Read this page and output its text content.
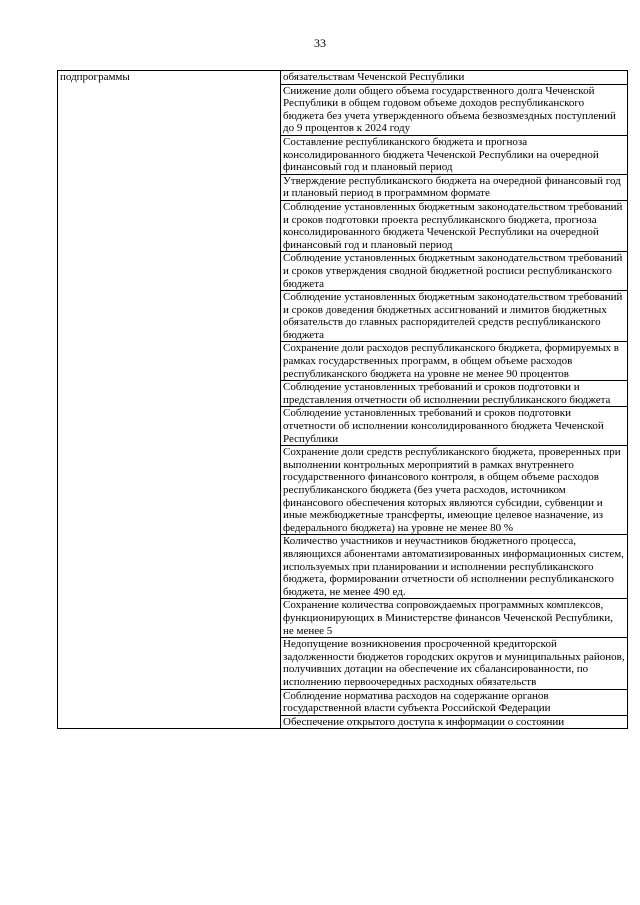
33
подпрограммы	обязательствам Чеченской Республики

Снижение доли общего объема государственного долга Чеченской Республики в общем годовом объеме доходов республиканского бюджета без учета утвержденного объема безвозмездных поступлений до 9 процентов к 2024 году

Составление республиканского бюджета и прогноза консолидированного бюджета Чеченской Республики на очередной финансовый год и плановый период

Утверждение республиканского бюджета на очередной финансовый год и плановый период в программном формате

Соблюдение установленных бюджетным законодательством требований и сроков подготовки проекта республиканского бюджета, прогноза консолидированного бюджета Чеченской Республики на очередной финансовый год и плановый период

Соблюдение установленных бюджетным законодательством требований и сроков утверждения сводной бюджетной росписи республиканского бюджета

Соблюдение установленных бюджетным законодательством требований и сроков доведения бюджетных ассигнований и лимитов бюджетных обязательств до главных распорядителей средств республиканского бюджета

Сохранение доли расходов республиканского бюджета, формируемых в рамках государственных программ, в общем объеме расходов республиканского бюджета на уровне не менее 90 процентов

Соблюдение установленных требований и сроков подготовки и представления отчетности об исполнении республиканского бюджета

Соблюдение установленных требований и сроков подготовки отчетности об исполнении консолидированного бюджета Чеченской Республики

Сохранение доли средств республиканского бюджета, проверенных при выполнении контрольных мероприятий в рамках внутреннего государственного финансового контроля, в общем объеме расходов республиканского бюджета (без учета расходов, источником финансового обеспечения которых являются субсидии, субвенции и иные межбюджетные трансферты, имеющие целевое назначение, из федерального бюджета) на уровне не менее 80 %

Количество участников и неучастников бюджетного процесса, являющихся абонентами автоматизированных информационных систем, используемых при планировании и исполнении республиканского бюджета, формировании отчетности об исполнении республиканского бюджета, не менее 490 ед.

Сохранение количества сопровождаемых программных комплексов, функционирующих в Министерстве финансов Чеченской Республики, не менее 5

Недопущение возникновения просроченной кредиторской задолженности бюджетов городских округов и муниципальных районов, получивших дотации на обеспечение их сбалансированности, по исполнению первоочередных расходных обязательств

Соблюдение норматива расходов на содержание органов государственной власти субъекта Российской Федерации

Обеспечение открытого доступа к информации о состоянии
